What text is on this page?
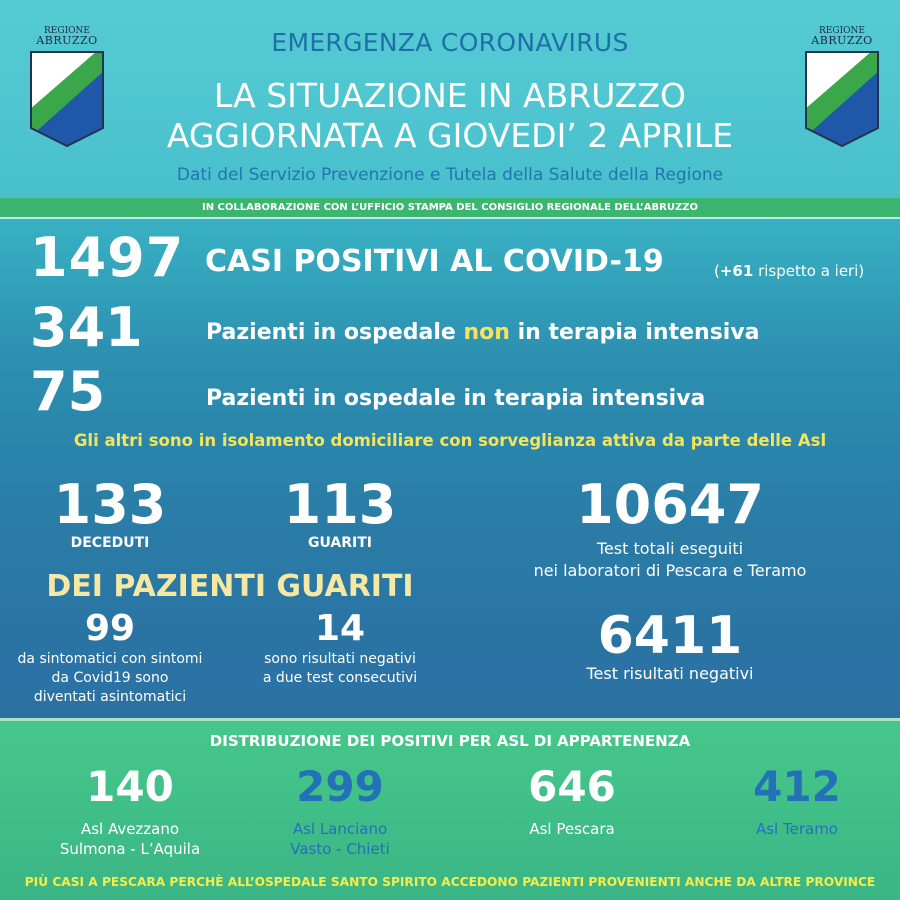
REGIONE
ABRUZZO
REGIONE
ABRUZZO
EMERGENZA CORONAVIRUS
LA SITUAZIONE IN ABRUZZO
AGGIORNATA A GIOVEDI’ 2 APRILE
Dati del Servizio Prevenzione e Tutela della Salute della Regione
IN COLLABORAZIONE CON L’UFFICIO STAMPA DEL CONSIGLIO REGIONALE DELL’ABRUZZO
1497 CASI POSITIVI AL COVID-19	(+61 rispetto a ieri)
341	Pazienti in ospedale non in terapia intensiva
75	Pazienti in ospedale in terapia intensiva
Gli altri sono in isolamento domiciliare con sorveglianza attiva da parte delle Asl
133
DECEDUTI
113
GUARITI
10647
Test totali eseguiti
nei laboratori di Pescara e Teramo
DEI PAZIENTI GUARITI
99
da sintomatici con sintomi
da Covid19 sono
diventati asintomatici
14
sono risultati negativi
a due test consecutivi
6411
Test risultati negativi
DISTRIBUZIONE DEI POSITIVI PER ASL DI APPARTENENZA
140
Asl Avezzano
Sulmona - L’Aquila
299
Asl Lanciano
Vasto - Chieti
646
Asl Pescara
412
Asl Teramo
PIÙ CASI A PESCARA PERCHÈ ALL’OSPEDALE SANTO SPIRITO ACCEDONO PAZIENTI PROVENIENTI ANCHE DA ALTRE PROVINCE
